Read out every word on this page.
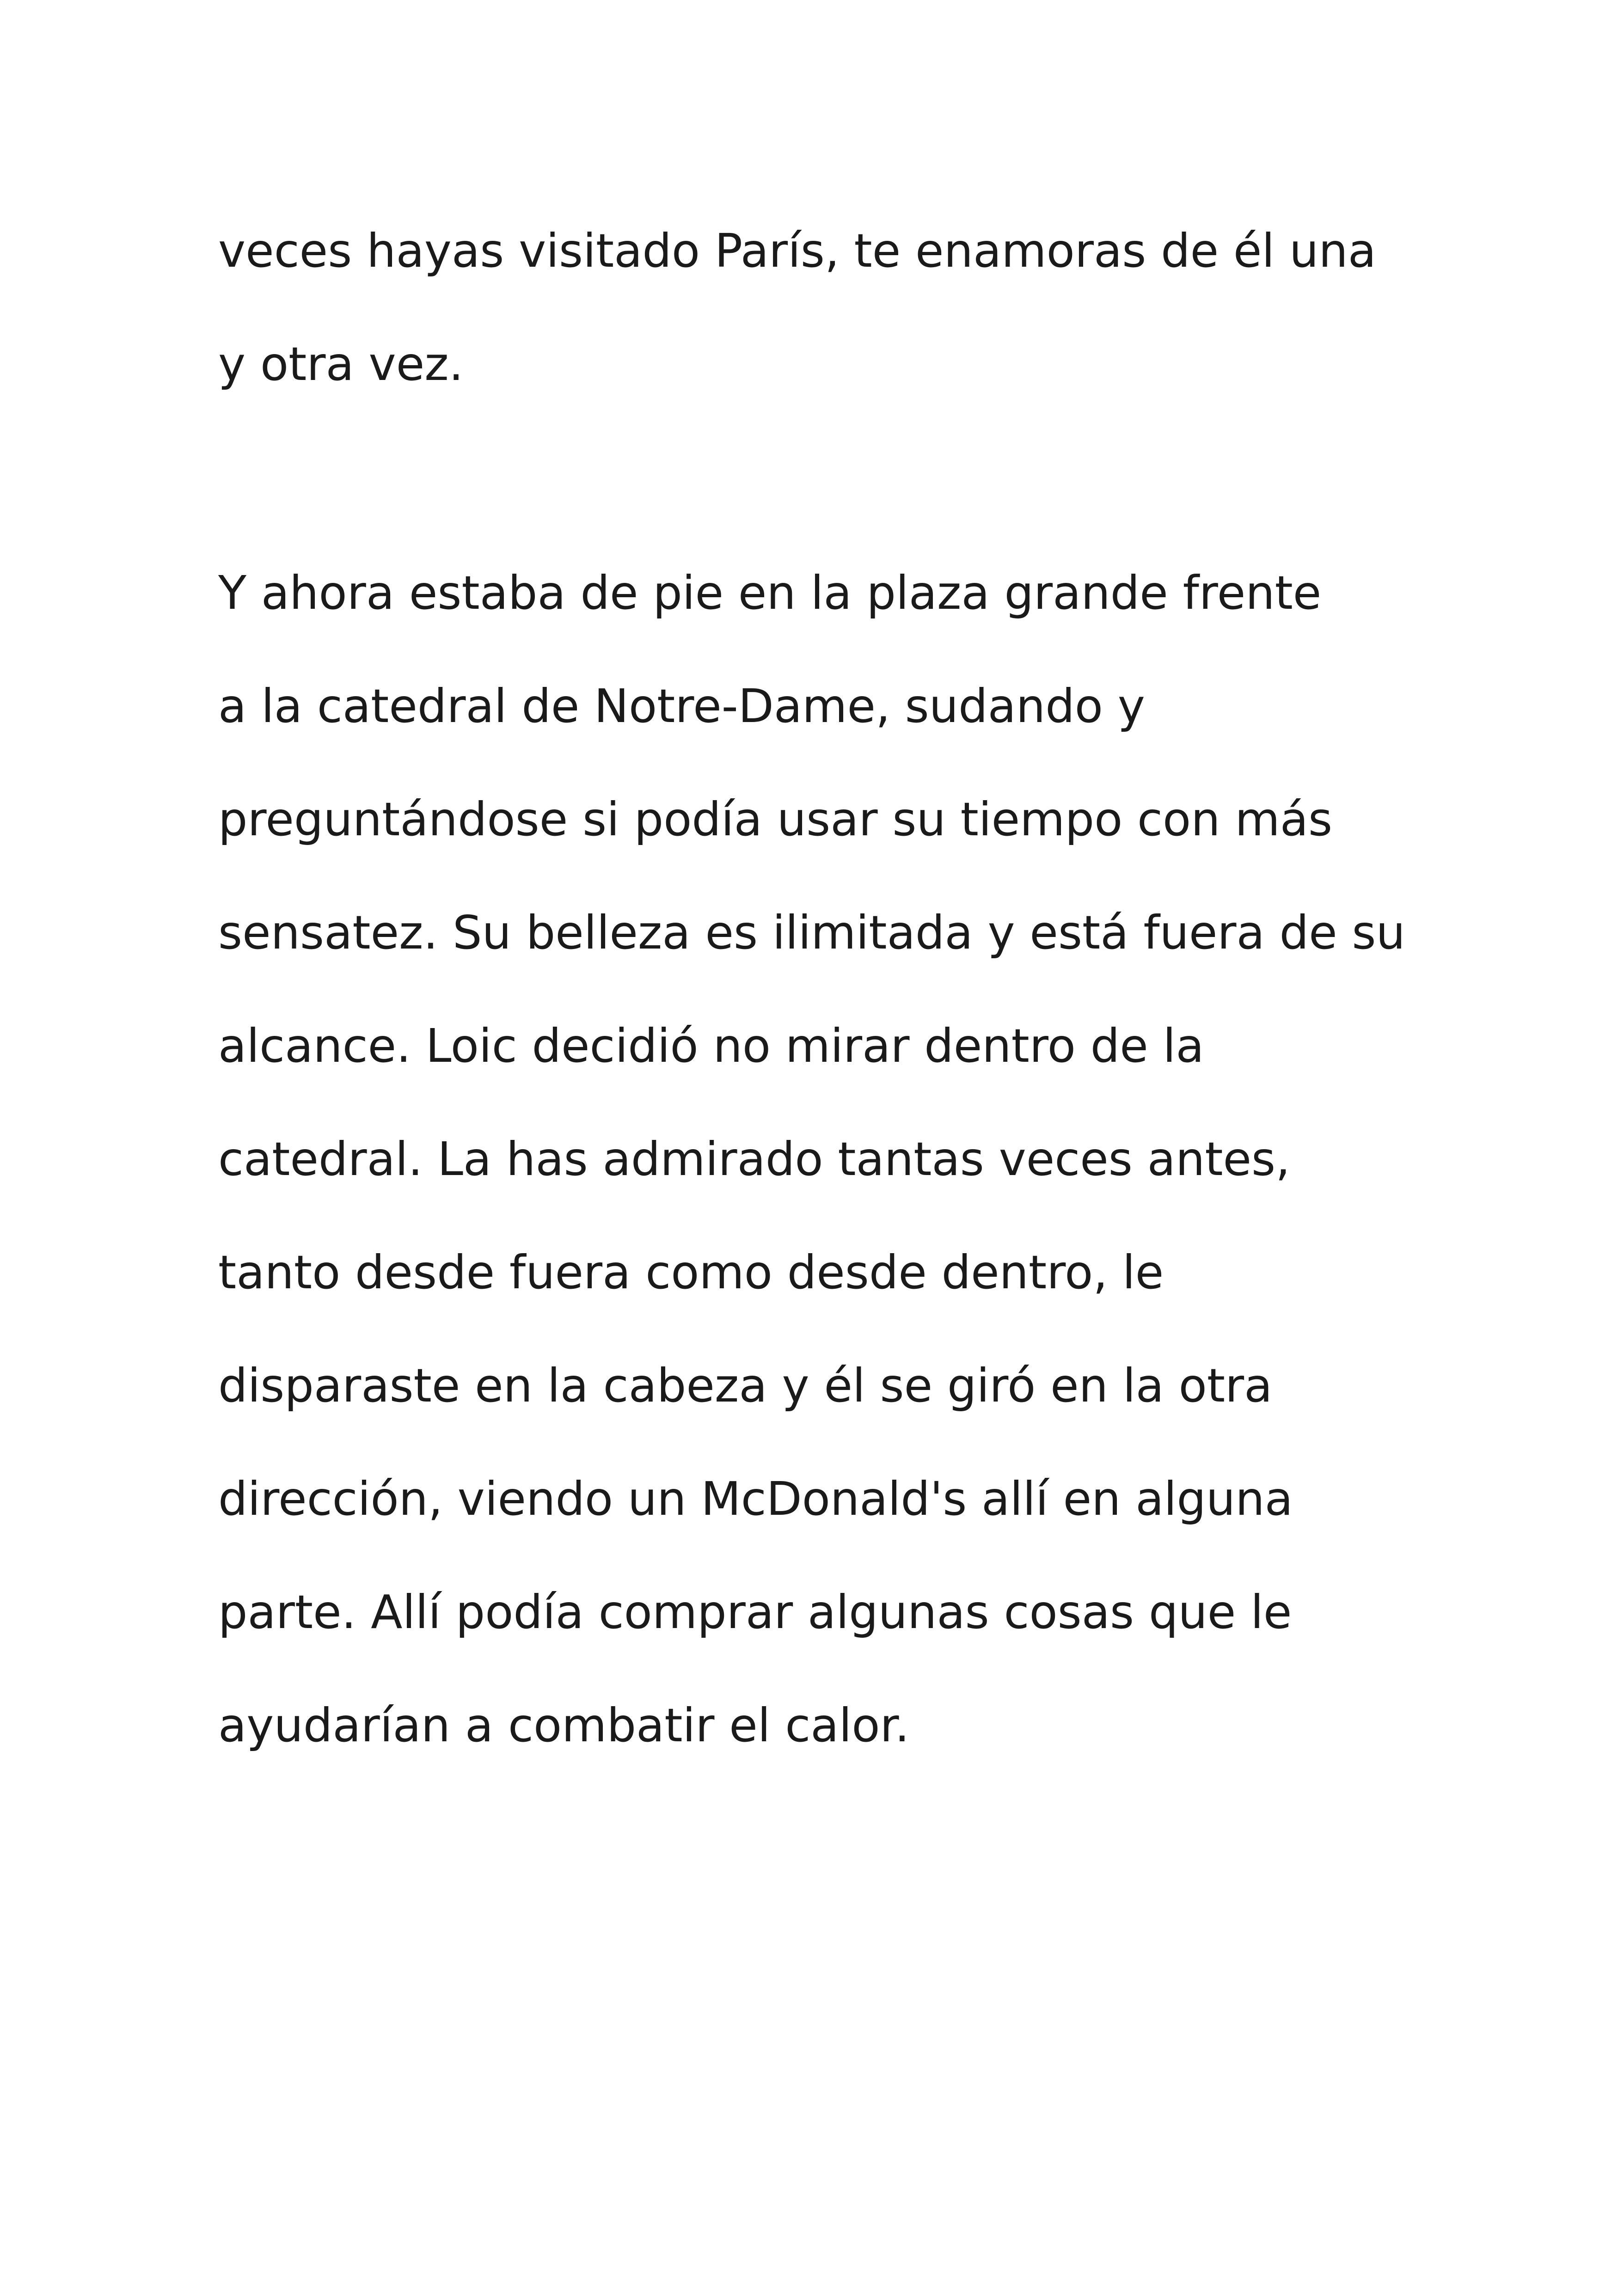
veces hayas visitado París, te enamoras de él una
y otra vez.
Y ahora estaba de pie en la plaza grande frente
a la catedral de Notre-Dame, sudando y
preguntándose si podía usar su tiempo con más
sensatez. Su belleza es ilimitada y está fuera de su
alcance. Loic decidió no mirar dentro de la
catedral. La has admirado tantas veces antes,
tanto desde fuera como desde dentro, le
disparaste en la cabeza y él se giró en la otra
dirección, viendo un McDonald's allí en alguna
parte. Allí podía comprar algunas cosas que le
ayudarían a combatir el calor.
